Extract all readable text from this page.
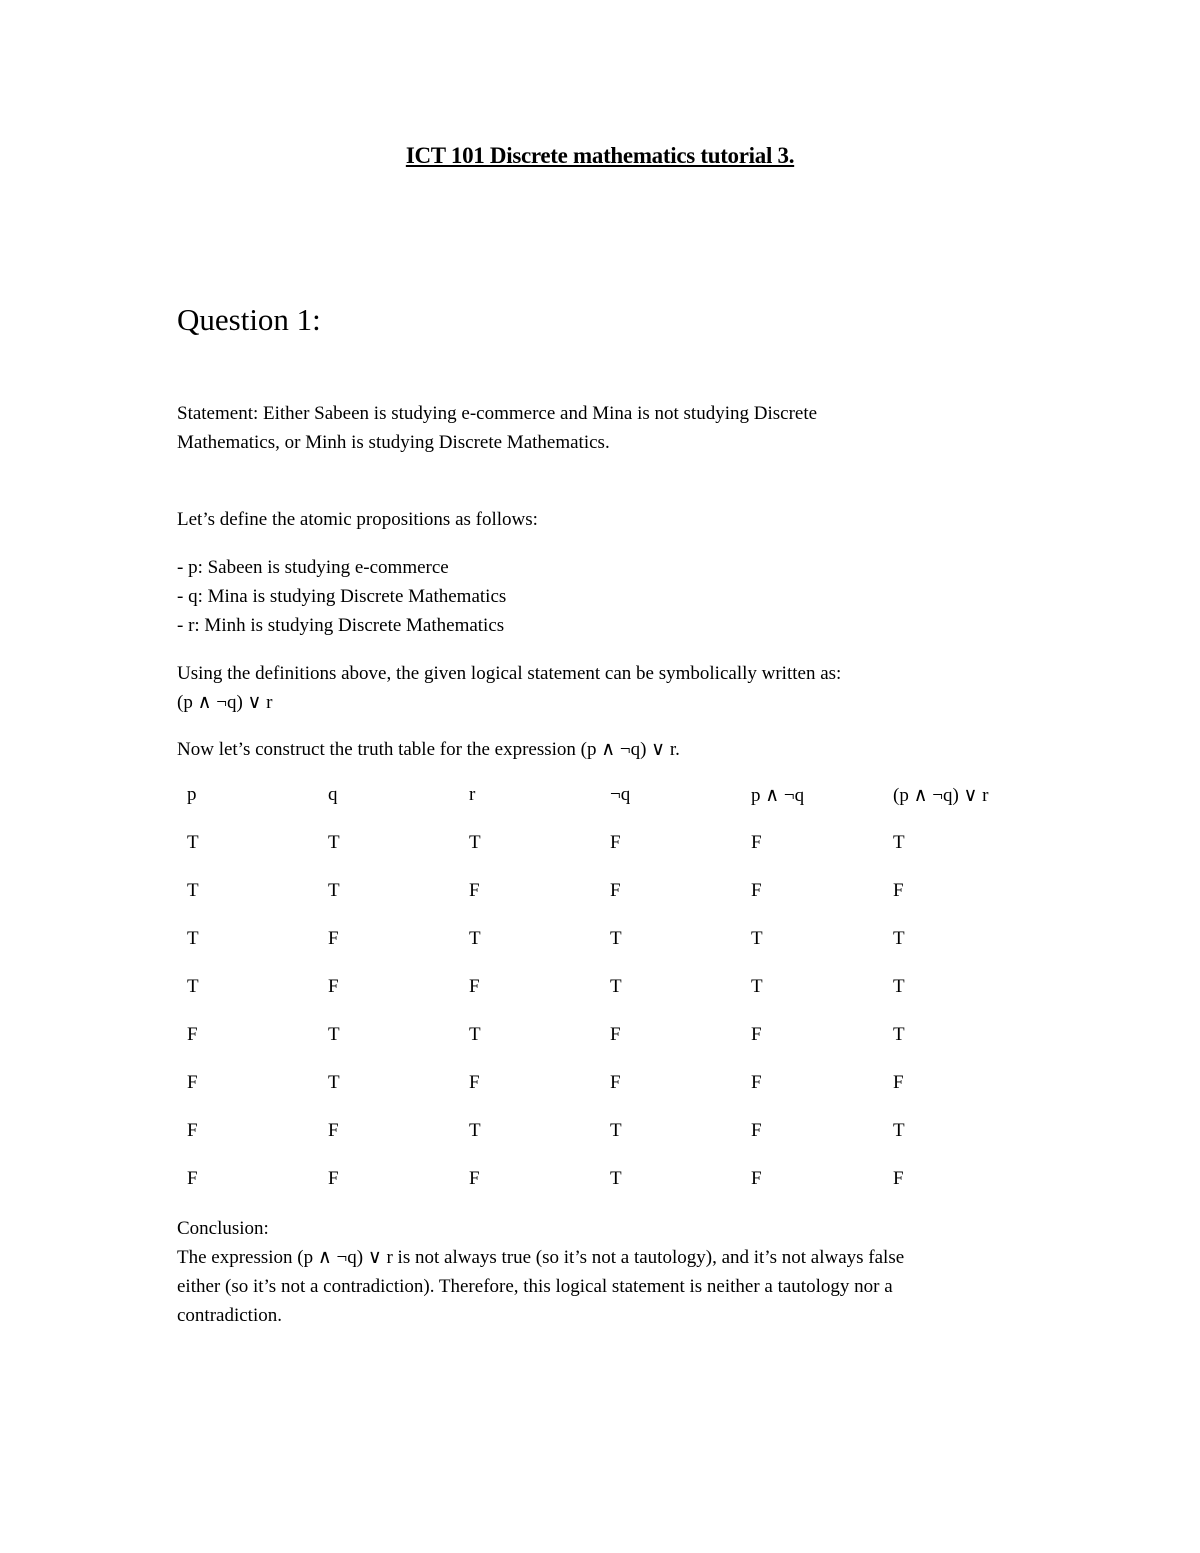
ICT 101 Discrete mathematics tutorial 3.
Question 1:
Statement: Either Sabeen is studying e-commerce and Mina is not studying Discrete
Mathematics, or Minh is studying Discrete Mathematics.
Let’s define the atomic propositions as follows:
- p: Sabeen is studying e-commerce
- q: Mina is studying Discrete Mathematics
- r: Minh is studying Discrete Mathematics
Using the definitions above, the given logical statement can be symbolically written as:
(p ∧ ¬q) ∨ r
Now let’s construct the truth table for the expression (p ∧ ¬q) ∨ r.
p	q	r	¬q	p ∧ ¬q	(p ∧ ¬q) ∨ r
T	T	T	F	F	T
T	T	F	F	F	F
T	F	T	T	T	T
T	F	F	T	T	T
F	T	T	F	F	T
F	T	F	F	F	F
F	F	T	T	F	T
F	F	F	T	F	F
Conclusion:
The expression (p ∧ ¬q) ∨ r is not always true (so it’s not a tautology), and it’s not always false
either (so it’s not a contradiction). Therefore, this logical statement is neither a tautology nor a
contradiction.
